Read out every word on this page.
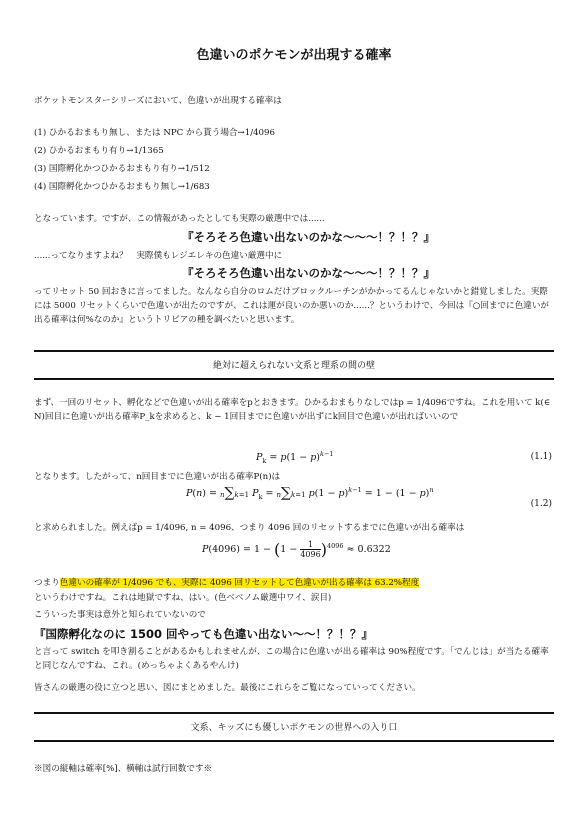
色違いのポケモンが出現する確率
ポケットモンスターシリーズにおいて、色違いが出現する確率は
(1) ひかるおまもり無し、または NPC から貰う場合→1/4096
(2) ひかるおまもり有り→1/1365
(3) 国際孵化かつひかるおまもり有り→1/512
(4) 国際孵化かつひかるおまもり無し→1/683
となっています。ですが、この情報があったとしても実際の厳選中では......
『そろそろ色違い出ないのかな～～～！？！？』
......ってなりますよね？　実際僕もレジエレキの色違い厳選中に
『そろそろ色違い出ないのかな～～～！？！？』
ってリセット 50 回おきに言ってました。なんなら自分のロムだけブロックルーチンがかかってるんじゃないかと錯覚しました。実際には 5000 リセットくらいで色違いが出たのですが、これは運が良いのか悪いのか......？というわけで、今回は『○回までに色違いが出る確率は何%なのか』というトリビアの種を調べたいと思います。
絶対に超えられない文系と理系の間の壁
まず、一回のリセット、孵化などで色違いが出る確率をpとおきます。ひかるおまもりなしではp = 1/4096ですね。これを用いて k(∈ N)回目に色違いが出る確率P_kを求めると、k − 1回目までに色違いが出ずにk回目で色違いが出ればいいので
$P_k = p(1 - p)^{k-1}$	(1.1)
となります。したがって、n回目までに色違いが出る確率P(n)は
P(n) = n∑k=1 $P_k = n\sum k=1$ $p(1 - p)^{k-1} = 1 - (1 - p)^n$
(1.2)
と求められました。例えばp = 1/4096, n = 4096、つまり 4096 回のリセットするまでに色違いが出る確率は
$P(4096) = 1 - (1 - \frac{1}{4096} )^{4096} \approx 0.6322$
つまり色違いの確率が 1/4096 でも、実際に 4096 回リセットして色違いが出る確率は 63.2%程度
というわけですね。これは地獄ですね、はい。(色ベベノム厳選中ワイ、涙目)
こういった事実は意外と知られていないので
『国際孵化なのに 1500 回やっても色違い出ない～～！？！？』
と言って switch を叩き割ることがあるかもしれませんが、この場合に色違いが出る確率は 90%程度です。「でんじは」が当たる確率と同じなんですね、これ。(めっちゃよくあるやんけ)
皆さんの厳選の役に立つと思い、図にまとめました。最後にこれらをご覧になっていってください。
文系、キッズにも優しいポケモンの世界への入り口
※図の縦軸は確率[%]、横軸は試行回数です※
